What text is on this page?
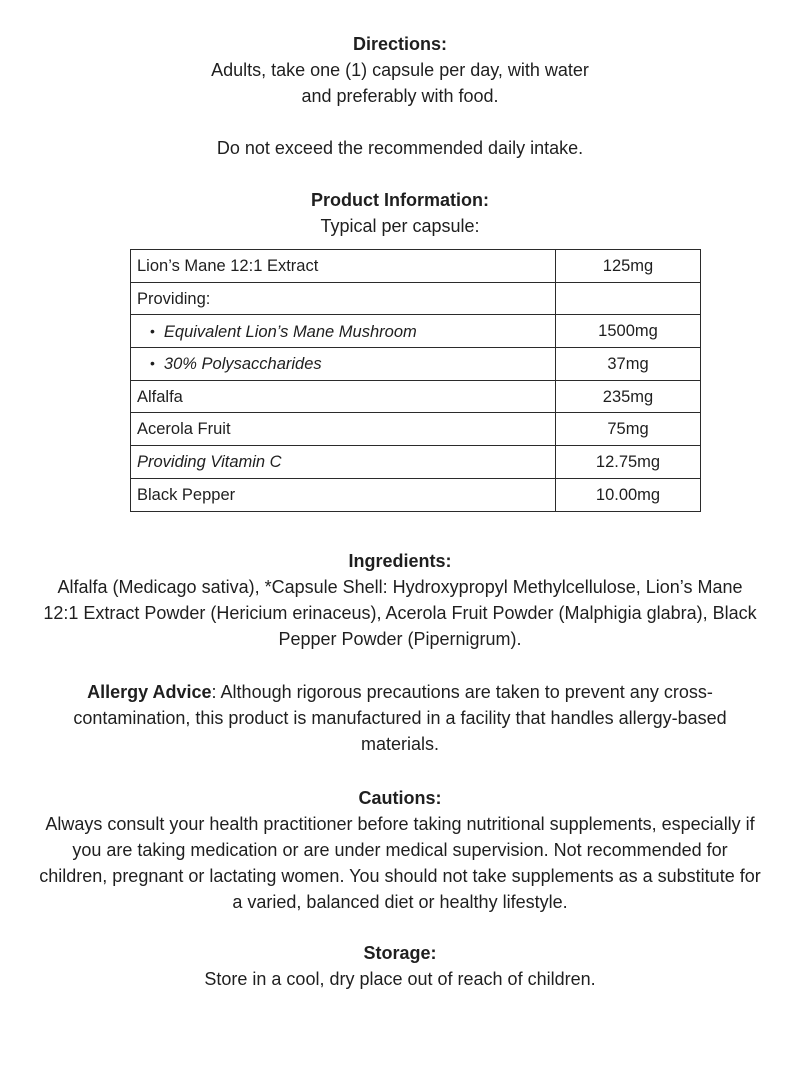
Directions:
Adults, take one (1) capsule per day, with water
and preferably with food.
Do not exceed the recommended daily intake.
Product Information:
Typical per capsule:
Lion’s Mane 12:1 Extract	125mg
Providing:	
• Equivalent Lion’s Mane Mushroom	1500mg
• 30% Polysaccharides	37mg
Alfalfa	235mg
Acerola Fruit	75mg
Providing Vitamin C	12.75mg
Black Pepper	10.00mg
Ingredients:
Alfalfa (Medicago sativa), *Capsule Shell: Hydroxypropyl Methylcellulose, Lion’s Mane 12:1 Extract Powder (Hericium erinaceus), Acerola Fruit Powder (Malphigia glabra), Black Pepper Powder (Pipernigrum).
Allergy Advice: Although rigorous precautions are taken to prevent any cross-contamination, this product is manufactured in a facility that handles allergy-based materials.
Cautions:
Always consult your health practitioner before taking nutritional supplements, especially if you are taking medication or are under medical supervision. Not recommended for children, pregnant or lactating women. You should not take supplements as a substitute for a varied, balanced diet or healthy lifestyle.
Storage:
Store in a cool, dry place out of reach of children.
